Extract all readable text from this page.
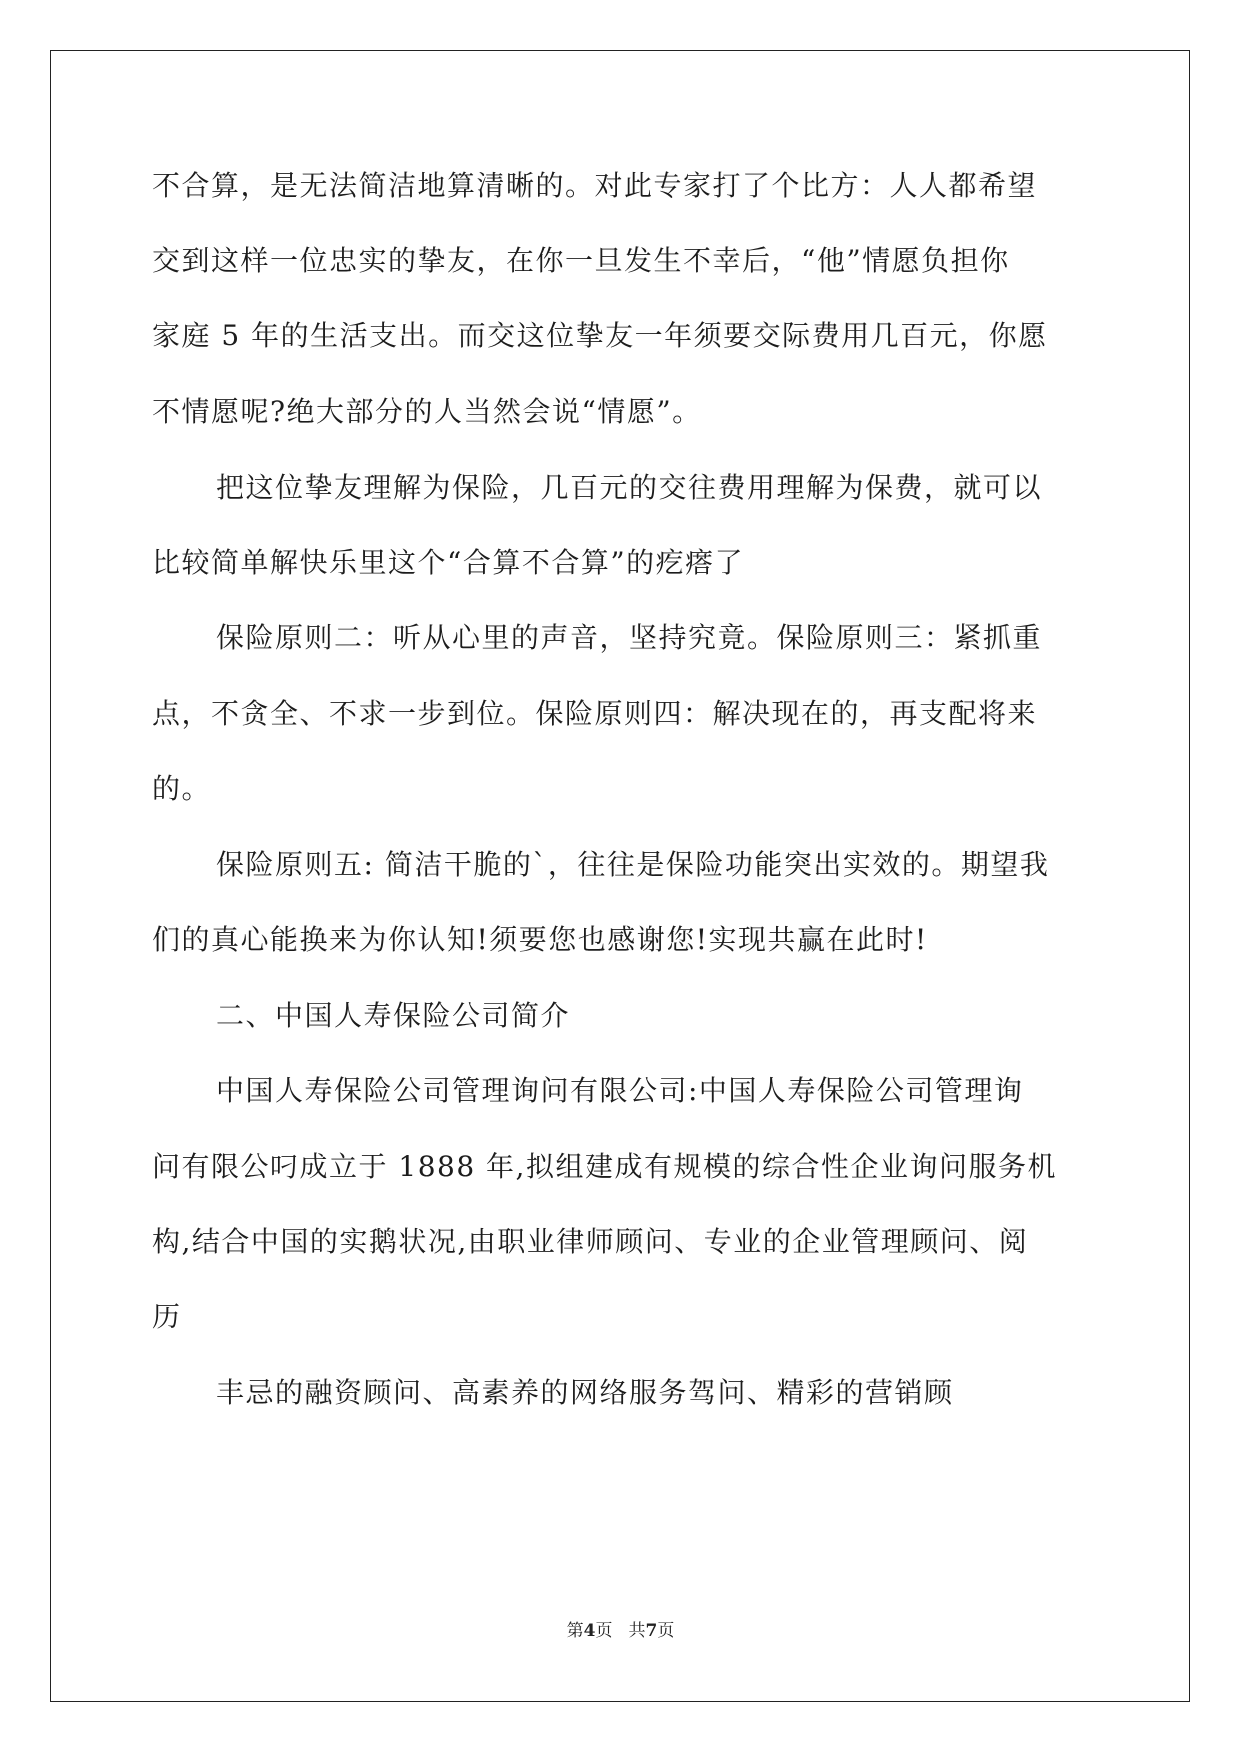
不合算，是无法简洁地算清晰的。对此专家打了个比方：人人都希望
交到这样一位忠实的挚友，在你一旦发生不幸后，“他”情愿负担你
家庭 5 年的生活支出。而交这位挚友一年须要交际费用几百元，你愿
不情愿呢?绝大部分的人当然会说“情愿”。
把这位挚友理解为保险，几百元的交往费用理解为保费，就可以
比较简单解快乐里这个“合算不合算”的疙瘩了
保险原则二：听从心里的声音，坚持究竟。保险原则三：紧抓重
点，不贪全、不求一步到位。保险原则四：解决现在的，再支配将来
的。
保险原则五: 简洁干脆的`，往往是保险功能突出实效的。期望我
们的真心能换来为你认知!须要您也感谢您!实现共赢在此时!
二、中国人寿保险公司简介
中国人寿保险公司管理询问有限公司:中国人寿保险公司管理询
问有限公叼成立于 1888 年,拟组建成有规模的综合性企业询问服务机
构,结合中国的实鹅状况,由职业律师顾问、专业的企业管理顾问、阅
历
丰忌的融资顾问、高素养的网络服务驾问、精彩的营销顾
第4页 共7页
